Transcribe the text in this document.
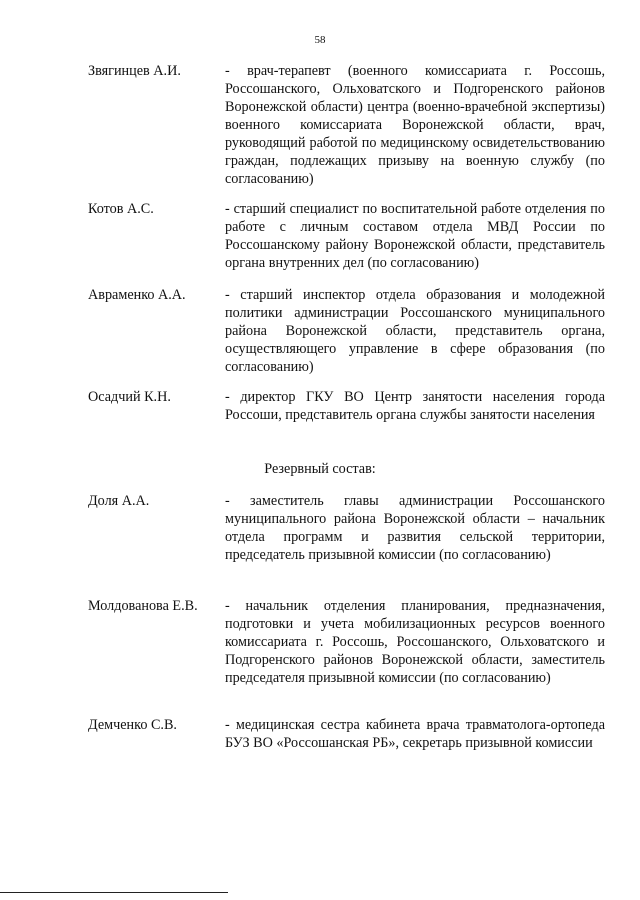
58
Звягинцев А.И.	- врач-терапевт (военного комиссариата г. Россошь, Россошанского, Ольховатского и Подгоренского районов Воронежской области) центра (военно-врачебной экспертизы) военного комиссариата Воронежской области, врач, руководящий работой по медицинскому освидетельствованию граждан, подлежащих призыву на военную службу (по согласованию)
Котов А.С.	- старший специалист по воспитательной работе отделения по работе с личным составом отдела МВД России по Россошанскому району Воронежской области, представитель органа внутренних дел (по согласованию)
Авраменко А.А.	- старший инспектор отдела образования и молодежной политики администрации Россошанского муниципального района Воронежской области, представитель органа, осуществляющего управление в сфере образования (по согласованию)
Осадчий К.Н.	- директор ГКУ ВО Центр занятости населения города Россоши, представитель органа службы занятости населения
Резервный состав:
Доля А.А.	- заместитель главы администрации Россошанского муниципального района Воронежской области – начальник отдела программ и развития сельской территории, председатель призывной комиссии (по согласованию)
Молдованова Е.В. - начальник отделения планирования, предназначения, подготовки и учета мобилизационных ресурсов военного комиссариата г. Россошь, Россошанского, Ольховатского и Подгоренского районов Воронежской области, заместитель председателя призывной комиссии (по согласованию)
Демченко С.В.	- медицинская сестра кабинета врача травматолога-ортопеда БУЗ ВО «Россошанская РБ», секретарь призывной комиссии
